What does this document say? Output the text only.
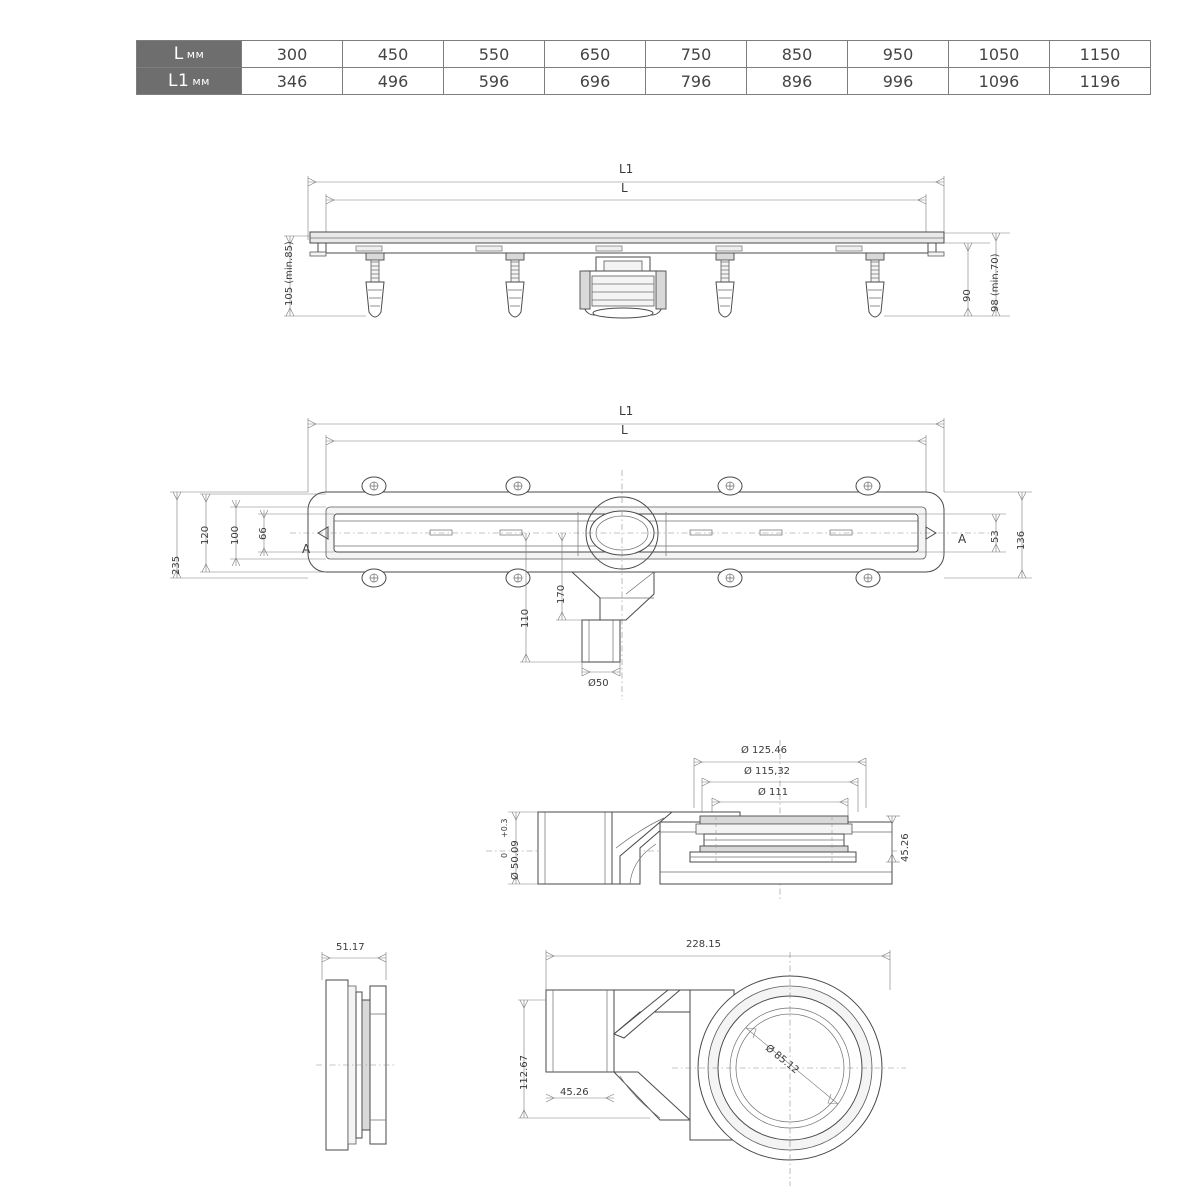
L мм	300	450	550	650	750	850	950	1050	1150
L1 мм	346	496	596	696	796	896	996	1096	1196
L1
L
105 (min.85)	90 98 (min.70)
L1
L
235
120 100 66	53 136
110
170
Ø50
A
A
Ø 125.46
Ø 115,32
Ø 111
Ø 50.09
+0.3
0	45.26
51.17	228.15
112.67
45.26
Ø 85.12
